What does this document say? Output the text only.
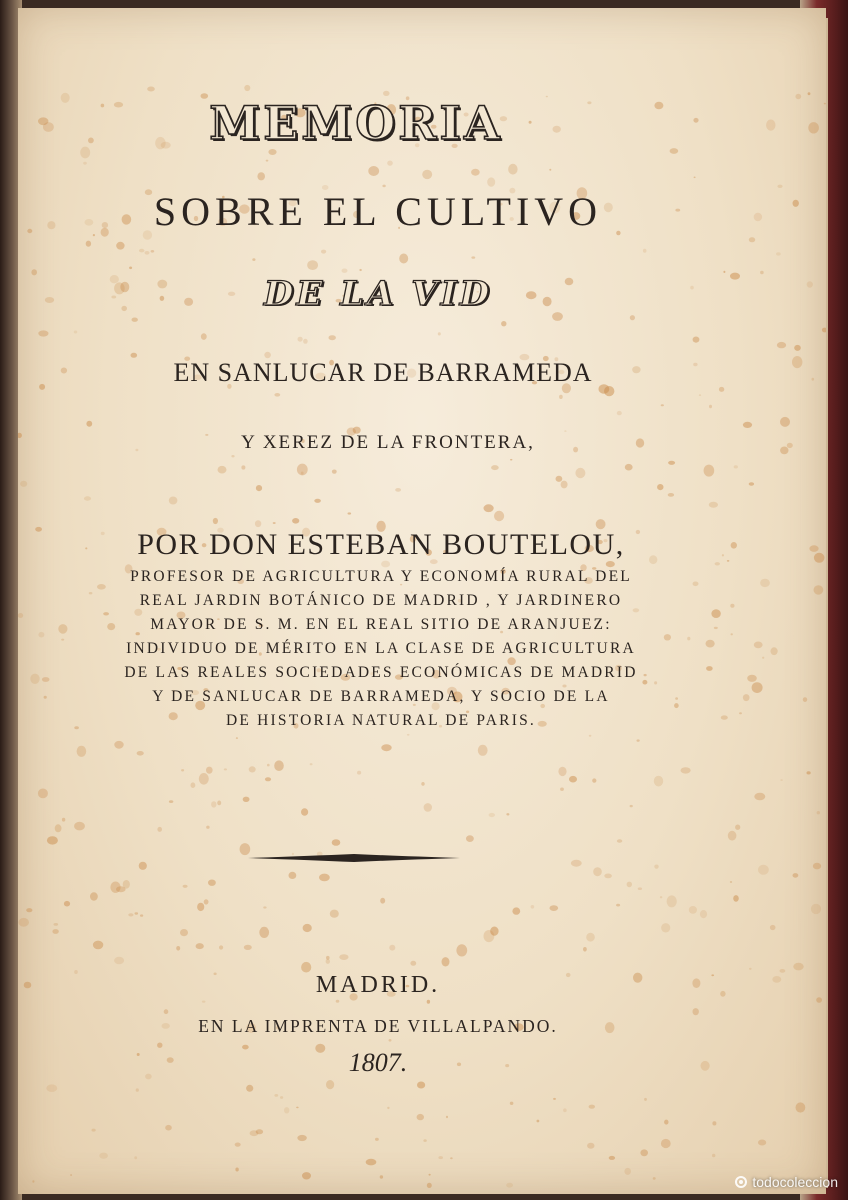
MEMORIA
SOBRE EL CULTIVO
DE LA VID
EN SANLUCAR DE BARRAMEDA
Y XEREZ DE LA FRONTERA,
POR DON ESTEBAN BOUTELOU,
PROFESOR DE AGRICULTURA Y ECONOMÍA RURAL DEL
REAL JARDIN BOTÁNICO DE MADRID , Y JARDINERO
MAYOR DE S. M. EN EL REAL SITIO DE ARANJUEZ:
INDIVIDUO DE MÉRITO EN LA CLASE DE AGRICULTURA
DE LAS REALES SOCIEDADES ECONÓMICAS DE MADRID
Y DE SANLUCAR DE BARRAMEDA, Y SOCIO DE LA
DE HISTORIA NATURAL DE PARIS.
MADRID.
EN LA IMPRENTA DE VILLALPANDO.
1807.
todocoleccion
